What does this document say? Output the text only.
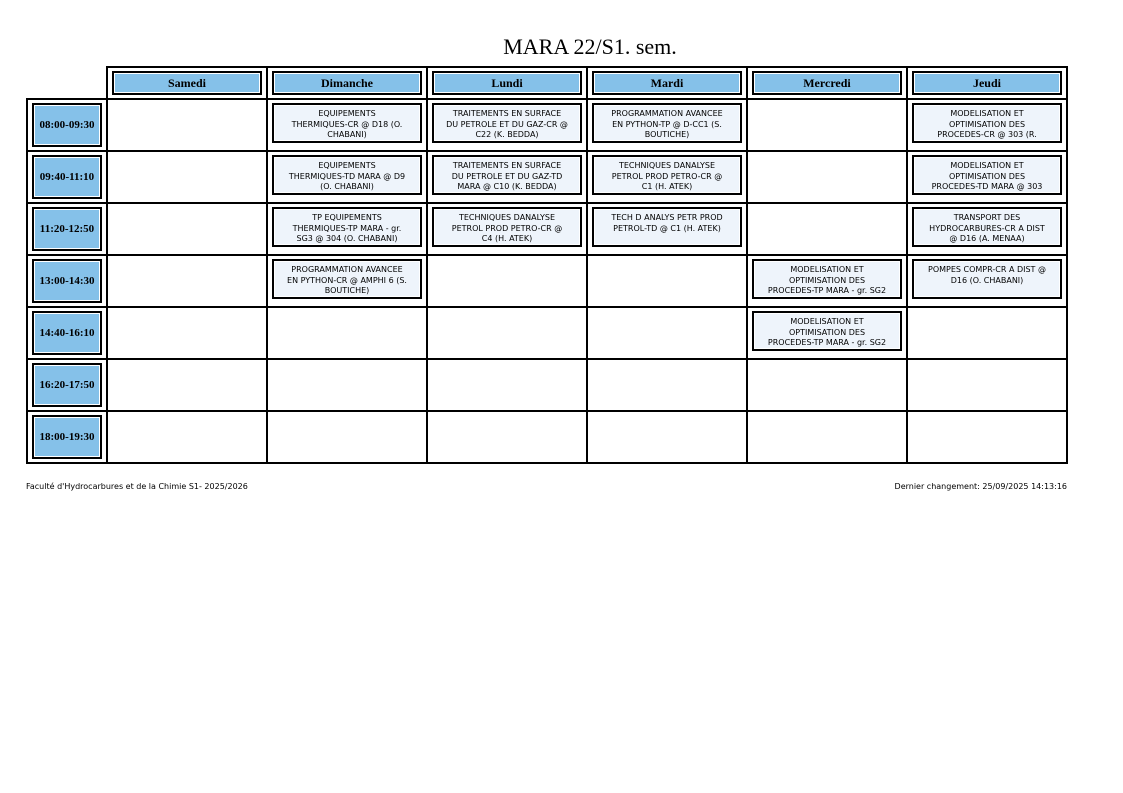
MARA 22/S1. sem.

Samedi	Dimanche	Lundi	Mardi	Mercredi	Jeudi

08:00-09:30		EQUIPEMENTS
THERMIQUES-CR @ D18 (O.
CHABANI)	TRAITEMENTS EN SURFACE
DU PETROLE ET DU GAZ-CR @
C22 (K. BEDDA)	PROGRAMMATION AVANCEE
EN PYTHON-TP @ D-CC1 (S.
BOUTICHE)		MODELISATION ET
OPTIMISATION DES
PROCEDES-CR @ 303 (R.

09:40-11:10		EQUIPEMENTS
THERMIQUES-TD MARA @ D9
(O. CHABANI)	TRAITEMENTS EN SURFACE
DU PETROLE ET DU GAZ-TD
MARA @ C10 (K. BEDDA)	TECHNIQUES DANALYSE
PETROL PROD PETRO-CR @
C1 (H. ATEK)		MODELISATION ET
OPTIMISATION DES
PROCEDES-TD MARA @ 303

11:20-12:50		TP EQUIPEMENTS
THERMIQUES-TP MARA - gr.
SG3 @ 304 (O. CHABANI)	TECHNIQUES DANALYSE
PETROL PROD PETRO-CR @
C4 (H. ATEK)	TECH D ANALYS PETR PROD
PETROL-TD @ C1 (H. ATEK)		TRANSPORT DES
HYDROCARBURES-CR A DIST
@ D16 (A. MENAA)

13:00-14:30		PROGRAMMATION AVANCEE
EN PYTHON-CR @ AMPHI 6 (S.
BOUTICHE)			MODELISATION ET
OPTIMISATION DES
PROCEDES-TP MARA - gr. SG2	POMPES COMPR-CR A DIST @
D16 (O. CHABANI)

14:40-16:10					MODELISATION ET
OPTIMISATION DES
PROCEDES-TP MARA - gr. SG2	

16:20-17:50						

18:00-19:30						

Faculté d'Hydrocarbures et de la Chimie S1- 2025/2026	Dernier changement: 25/09/2025 14:13:16
